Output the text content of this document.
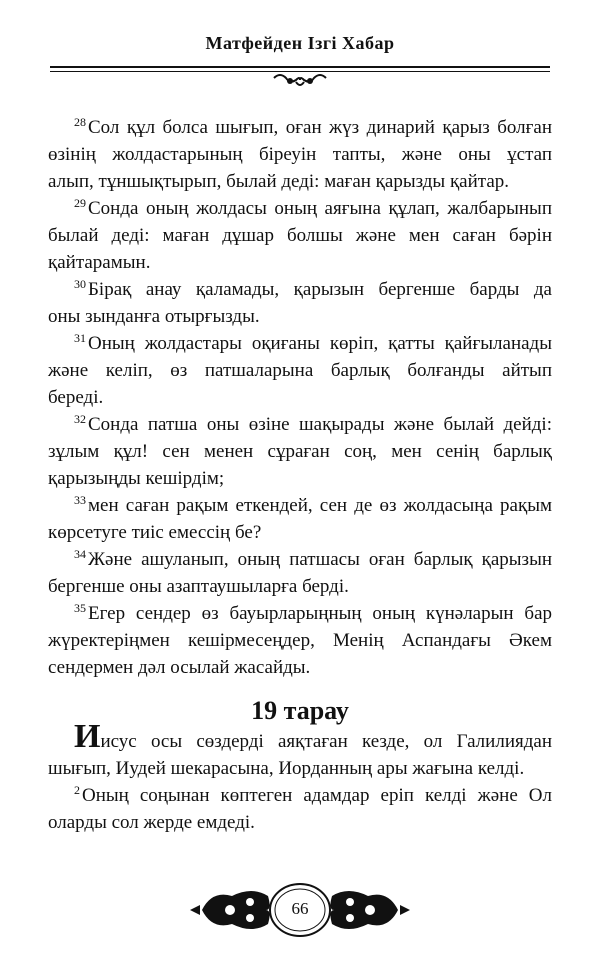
Матфейден Ізгі Хабар
$^{28}$ Сол құл болса шығып, оған жүз динарий қарыз болған
өзінің жолдастарының біреуін тапты, және оны ұстап
алып, тұншықтырып, былай деді: маған қарызды қайтар.
$^{29}$ Сонда оның жолдасы оның аяғына құлап, жалбарынып
былай деді: маған дұшар болшы және мен саған бәрін
қайтарамын.
$^{30}$ Бірақ анау қаламады, қарызын бергенше барды да
оны зынданға отырғызды.
$^{31}$ Оның жолдастары оқиғаны көріп, қатты қайғыланады
және келіп, өз патшаларына барлық болғанды айтып
береді.
$^{32}$ Сонда патша оны өзіне шақырады және былай дейді:
зұлым құл! сен менен сұраған соң, мен сенің барлық
қарызыңды кешірдім;
$^{33}$ мен саған рақым еткендей, сен де өз жолдасыңа рақым
көрсетуге тиіс емессің бе?
$^{34}$ Және ашуланып, оның патшасы оған барлық қарызын
бергенше оны азаптаушыларға берді.
$^{35}$ Егер сендер өз бауырларыңның оның күнәларын бар
жүректеріңмен кешірмесеңдер, Менің Аспандағы Әкем
сендермен дәл осылай жасайды.
19 тарау
Иисус осы сөздерді аяқтаған кезде, ол Галилиядан
шығып, Иудей шекарасына, Иорданның ары жағына келді.
$^2$ Оның соңынан көптеген адамдар еріп келді және Ол
оларды сол жерде емдеді.
66
